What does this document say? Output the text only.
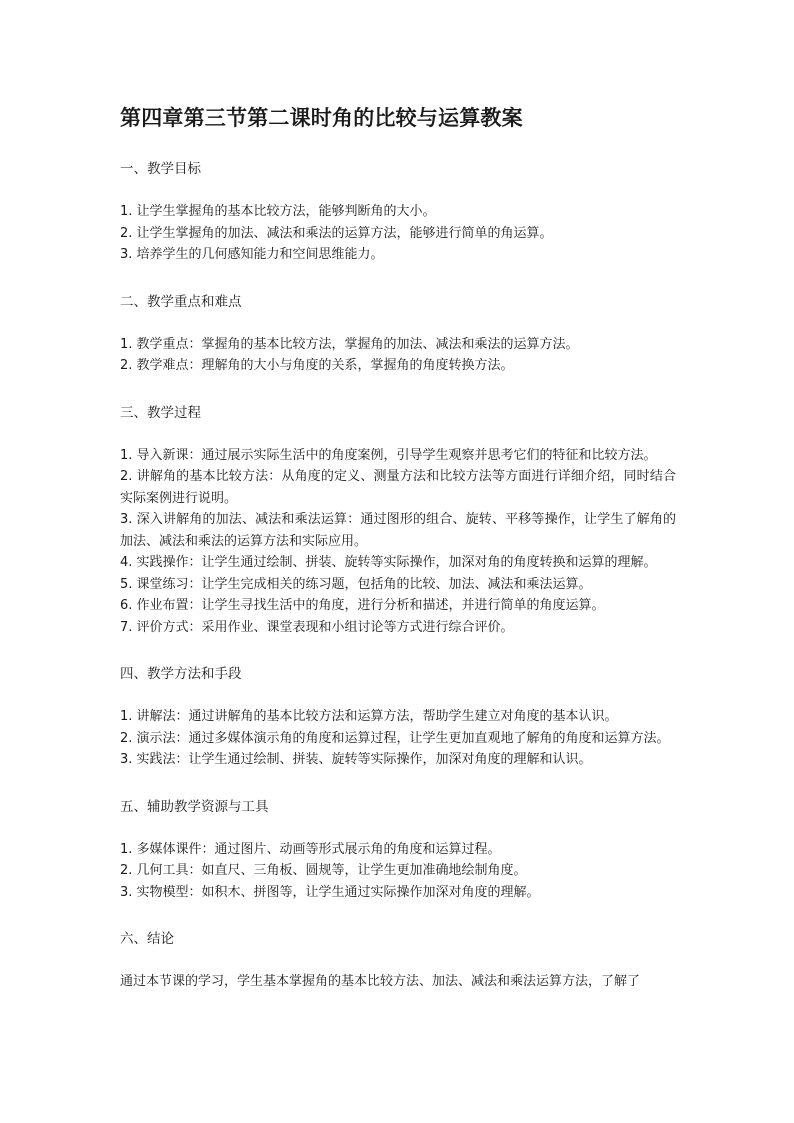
第四章第三节第二课时角的比较与运算教案
一、教学目标
1. 让学生掌握角的基本比较方法，能够判断角的大小。
2. 让学生掌握角的加法、减法和乘法的运算方法，能够进行简单的角运算。
3. 培养学生的几何感知能力和空间思维能力。
二、教学重点和难点
1. 教学重点：掌握角的基本比较方法，掌握角的加法、减法和乘法的运算方法。
2. 教学难点：理解角的大小与角度的关系，掌握角的角度转换方法。
三、教学过程
1. 导入新课：通过展示实际生活中的角度案例，引导学生观察并思考它们的特征和比较方法。
2. 讲解角的基本比较方法：从角度的定义、测量方法和比较方法等方面进行详细介绍，同时结合实际案例进行说明。
3. 深入讲解角的加法、减法和乘法运算：通过图形的组合、旋转、平移等操作，让学生了解角的加法、减法和乘法的运算方法和实际应用。
4. 实践操作：让学生通过绘制、拼装、旋转等实际操作，加深对角的角度转换和运算的理解。
5. 课堂练习：让学生完成相关的练习题，包括角的比较、加法、减法和乘法运算。
6. 作业布置：让学生寻找生活中的角度，进行分析和描述，并进行简单的角度运算。
7. 评价方式：采用作业、课堂表现和小组讨论等方式进行综合评价。
四、教学方法和手段
1. 讲解法：通过讲解角的基本比较方法和运算方法，帮助学生建立对角度的基本认识。
2. 演示法：通过多媒体演示角的角度和运算过程，让学生更加直观地了解角的角度和运算方法。
3. 实践法：让学生通过绘制、拼装、旋转等实际操作，加深对角度的理解和认识。
五、辅助教学资源与工具
1. 多媒体课件：通过图片、动画等形式展示角的角度和运算过程。
2. 几何工具：如直尺、三角板、圆规等，让学生更加准确地绘制角度。
3. 实物模型：如积木、拼图等，让学生通过实际操作加深对角度的理解。
六、结论

通过本节课的学习，学生基本掌握角的基本比较方法、加法、减法和乘法运算方法，了解了
